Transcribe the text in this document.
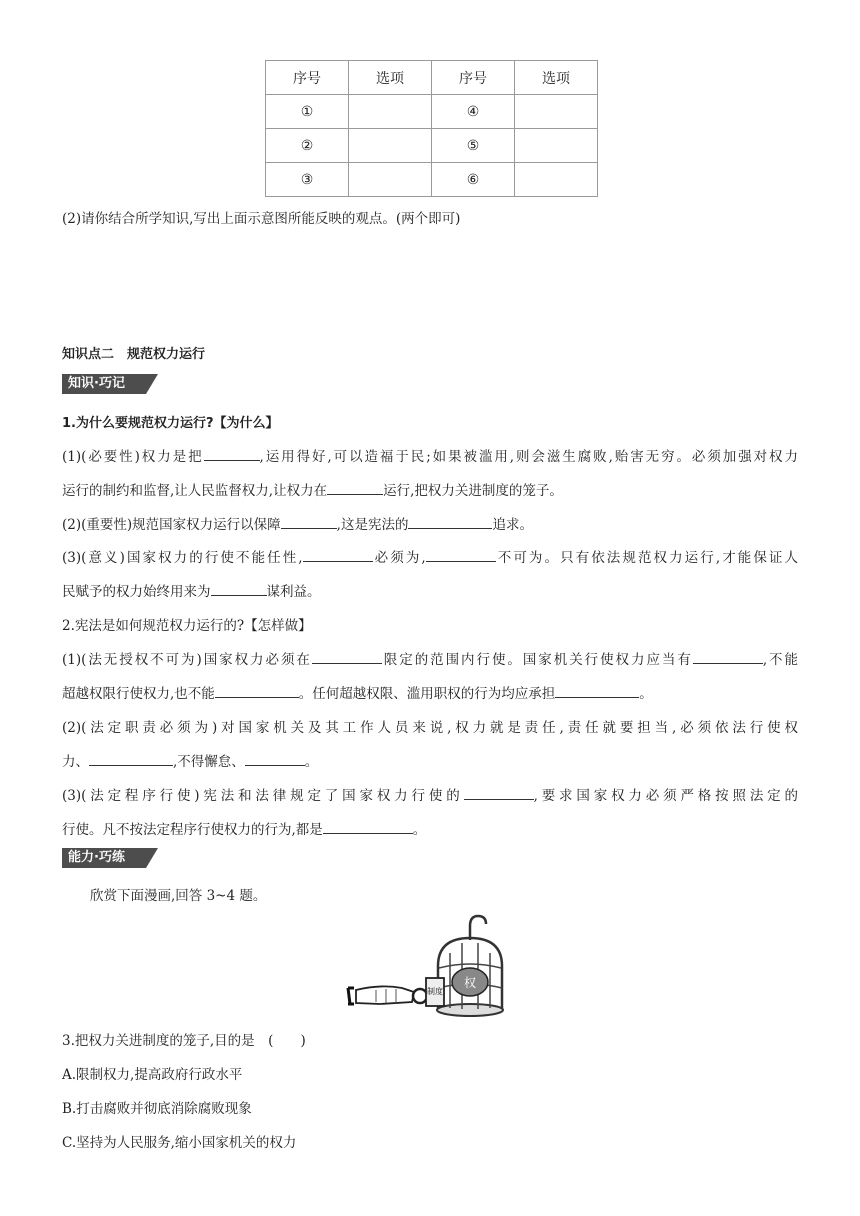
序号	选项	序号	选项
①		④	
②		⑤	
③		⑥	
(2)请你结合所学知识,写出上面示意图所能反映的观点。(两个即可)
知识点二　规范权力运行
知识·巧记
1.为什么要规范权力运行?【为什么】
(1)(必要性)权力是把	,运用得好,可以造福于民;如果被滥用,则会滋生腐败,贻害无穷。必须加强对权力
运行的制约和监督,让人民监督权力,让权力在	运行,把权力关进制度的笼子。
(2)(重要性)规范国家权力运行以保障	,这是宪法的	追求。
(3)(意义)国家权力的行使不能任性,	必须为,	不可为。只有依法规范权力运行,才能保证人
民赋予的权力始终用来为	谋利益。
2.宪法是如何规范权力运行的?【怎样做】
(1)(法无授权不可为)国家权力必须在	限定的范围内行使。国家机关行使权力应当有	,不能
超越权限行使权力,也不能	。任何超越权限、滥用职权的行为均应承担	。
(2)(法定职责必须为)对国家机关及其工作人员来说,权力就是责任,责任就要担当,必须依法行使权
力、	,不得懈怠、	。
(3)(法定程序行使)宪法和法律规定了国家权力行使的	,要求国家权力必须严格按照法定的
行使。凡不按法定程序行使权力的行为,都是	。
能力·巧练
欣赏下面漫画,回答 3~4 题。
权
制度
3.把权力关进制度的笼子,目的是　(　　)
A.限制权力,提高政府行政水平
B.打击腐败并彻底消除腐败现象
C.坚持为人民服务,缩小国家机关的权力
